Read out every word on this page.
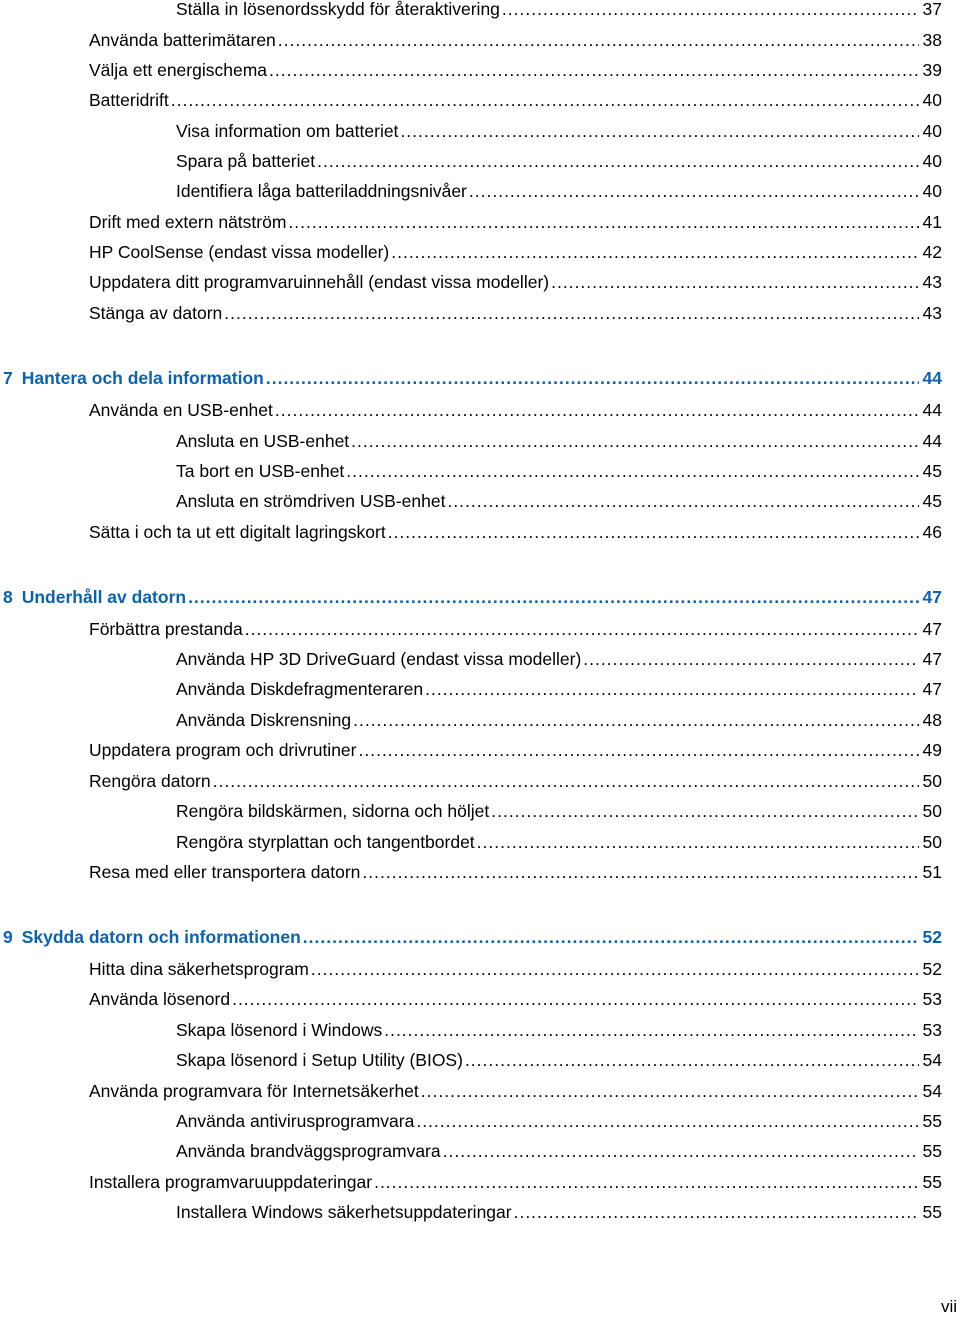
Ställa in lösenordsskydd för återaktivering .....	37
Använda batterimätaren .....	38
Välja ett energischema .....	39
Batteridrift .....	40
Visa information om batteriet .....	40
Spara på batteriet .....	40
Identifiera låga batteriladdningsnivåer .....	40
Drift med extern nätström .....	41
HP CoolSense (endast vissa modeller) .....	42
Uppdatera ditt programvaruinnehåll (endast vissa modeller) .....	43
Stänga av datorn .....	43
7 Hantera och dela information .....	44
Använda en USB-enhet .....	44
Ansluta en USB-enhet .....	44
Ta bort en USB-enhet .....	45
Ansluta en strömdriven USB-enhet .....	45
Sätta i och ta ut ett digitalt lagringskort .....	46
8 Underhåll av datorn .....	47
Förbättra prestanda .....	47
Använda HP 3D DriveGuard (endast vissa modeller) .....	47
Använda Diskdefragmenteraren .....	47
Använda Diskrensning .....	48
Uppdatera program och drivrutiner .....	49
Rengöra datorn .....	50
Rengöra bildskärmen, sidorna och höljet .....	50
Rengöra styrplattan och tangentbordet .....	50
Resa med eller transportera datorn .....	51
9 Skydda datorn och informationen .....	52
Hitta dina säkerhetsprogram .....	52
Använda lösenord .....	53
Skapa lösenord i Windows .....	53
Skapa lösenord i Setup Utility (BIOS) .....	54
Använda programvara för Internetsäkerhet .....	54
Använda antivirusprogramvara .....	55
Använda brandväggsprogramvara .....	55
Installera programvaruuppdateringar .....	55
Installera Windows säkerhetsuppdateringar .....	55
vii
